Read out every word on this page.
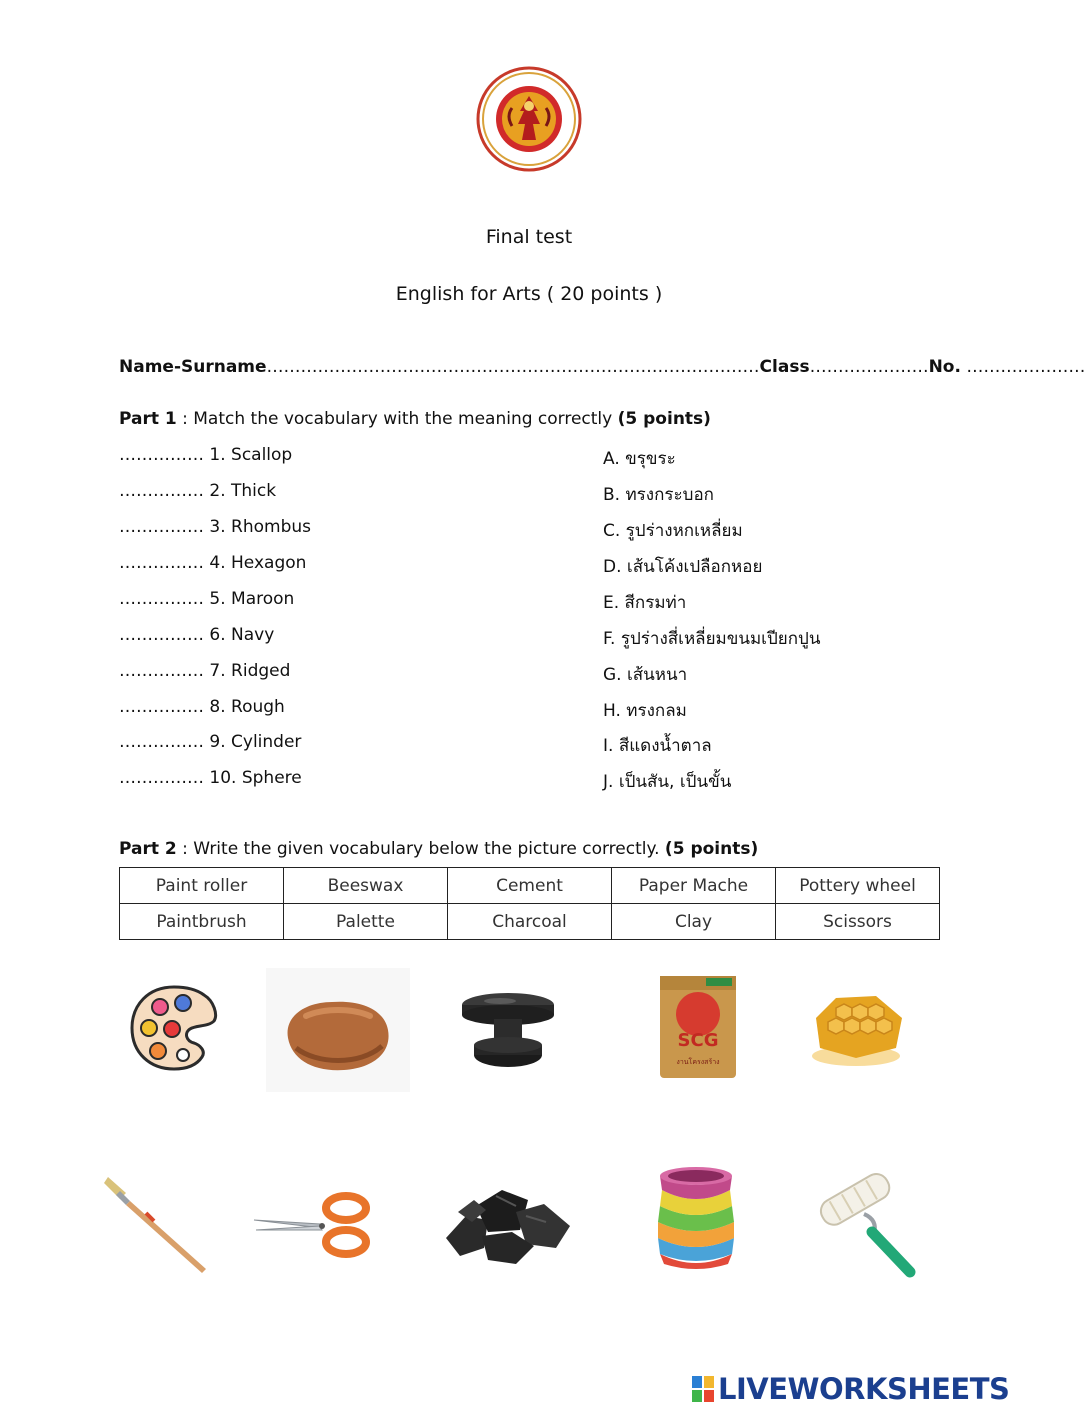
Final test
English for Arts ( 20 points )
Name-Surname……………………………………………………………………………Class…………………No. …………………
Part 1 : Match the vocabulary with the meaning correctly (5 points)
…………… 1. Scallop
…………… 2. Thick
…………… 3. Rhombus
…………… 4. Hexagon
…………… 5. Maroon
…………… 6. Navy
…………… 7. Ridged
…………… 8. Rough
…………… 9. Cylinder
…………… 10. Sphere
A. ขรุขระ
B. ทรงกระบอก
C. รูปร่างหกเหลี่ยม
D. เส้นโค้งเปลือกหอย
E. สีกรมท่า
F. รูปร่างสี่เหลี่ยมขนมเปียกปูน
G. เส้นหนา
H. ทรงกลม
I. สีแดงน้ำตาล
J. เป็นสัน, เป็นขั้น
Part 2 : Write the given vocabulary below the picture correctly. (5 points)
Paint roller	Beeswax	Cement	Paper Mache	Pottery wheel
Paintbrush	Palette	Charcoal	Clay	Scissors
SCG
งานโครงสร้าง
LIVEWORKSHEETS
